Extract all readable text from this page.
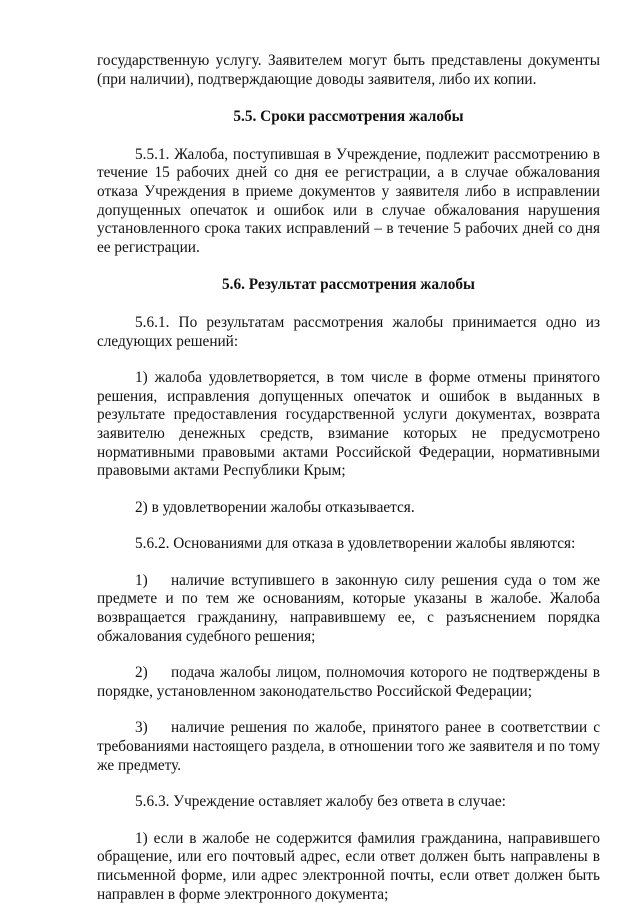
государственную услугу. Заявителем могут быть представлены документы (при наличии), подтверждающие доводы заявителя, либо их копии.

5.5. Сроки рассмотрения жалобы

5.5.1. Жалоба, поступившая в Учреждение, подлежит рассмотрению в течение 15 рабочих дней со дня ее регистрации, а в случае обжалования отказа Учреждения в приеме документов у заявителя либо в исправлении допущенных опечаток и ошибок или в случае обжалования нарушения установленного срока таких исправлений – в течение 5 рабочих дней со дня ее регистрации.

5.6. Результат рассмотрения жалобы

5.6.1. По результатам рассмотрения жалобы принимается одно из следующих решений:

1) жалоба удовлетворяется, в том числе в форме отмены принятого решения, исправления допущенных опечаток и ошибок в выданных в результате предоставления государственной услуги документах, возврата заявителю денежных средств, взимание которых не предусмотрено нормативными правовыми актами Российской Федерации, нормативными правовыми актами Республики Крым;

2) в удовлетворении жалобы отказывается.

5.6.2. Основаниями для отказа в удовлетворении жалобы являются:

1) наличие вступившего в законную силу решения суда о том же предмете и по тем же основаниям, которые указаны в жалобе. Жалоба возвращается гражданину, направившему ее, с разъяснением порядка обжалования судебного решения;

2) подача жалобы лицом, полномочия которого не подтверждены в порядке, установленном законодательство Российской Федерации;

3) наличие решения по жалобе, принятого ранее в соответствии с требованиями настоящего раздела, в отношении того же заявителя и по тому же предмету.

5.6.3. Учреждение оставляет жалобу без ответа в случае:

1) если в жалобе не содержится фамилия гражданина, направившего обращение, или его почтовый адрес, если ответ должен быть направлены в письменной форме, или адрес электронной почты, если ответ должен быть направлен в форме электронного документа;
